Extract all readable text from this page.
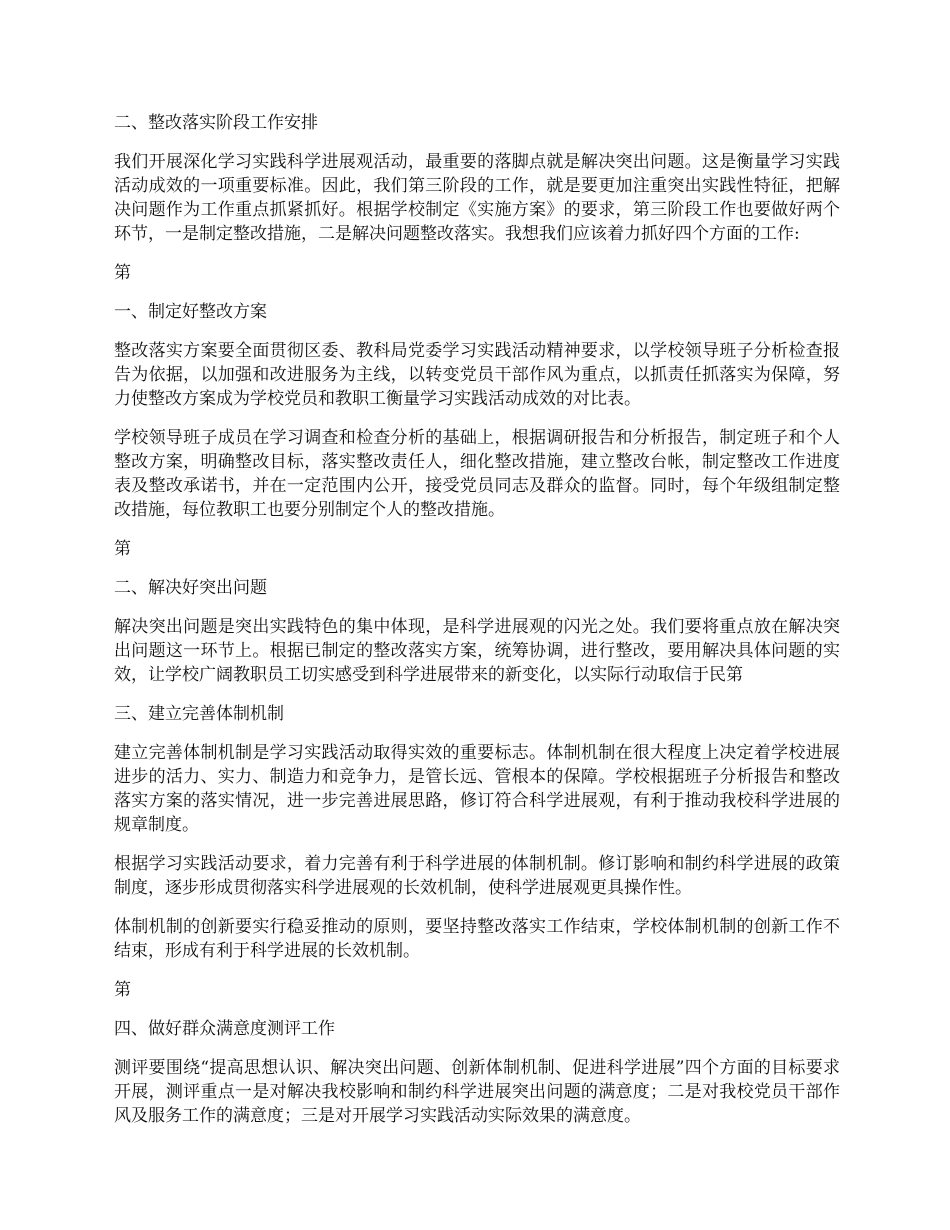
二、整改落实阶段工作安排

我们开展深化学习实践科学进展观活动，最重要的落脚点就是解决突出问题。这是衡量学习实践活动成效的一项重要标准。因此，我们第三阶段的工作，就是要更加注重突出实践性特征，把解决问题作为工作重点抓紧抓好。根据学校制定《实施方案》的要求，第三阶段工作也要做好两个环节，一是制定整改措施，二是解决问题整改落实。我想我们应该着力抓好四个方面的工作:

第

一、制定好整改方案

整改落实方案要全面贯彻区委、教科局党委学习实践活动精神要求，以学校领导班子分析检查报告为依据，以加强和改进服务为主线，以转变党员干部作风为重点，以抓责任抓落实为保障，努力使整改方案成为学校党员和教职工衡量学习实践活动成效的对比表。

学校领导班子成员在学习调查和检查分析的基础上，根据调研报告和分析报告，制定班子和个人整改方案，明确整改目标，落实整改责任人，细化整改措施，建立整改台帐，制定整改工作进度表及整改承诺书，并在一定范围内公开，接受党员同志及群众的监督。同时，每个年级组制定整改措施，每位教职工也要分别制定个人的整改措施。

第

二、解决好突出问题

解决突出问题是突出实践特色的集中体现，是科学进展观的闪光之处。我们要将重点放在解决突出问题这一环节上。根据已制定的整改落实方案，统筹协调，进行整改，要用解决具体问题的实效，让学校广阔教职员工切实感受到科学进展带来的新变化，以实际行动取信于民第

三、建立完善体制机制

建立完善体制机制是学习实践活动取得实效的重要标志。体制机制在很大程度上决定着学校进展进步的活力、实力、制造力和竞争力，是管长远、管根本的保障。学校根据班子分析报告和整改落实方案的落实情况，进一步完善进展思路，修订符合科学进展观，有利于推动我校科学进展的规章制度。

根据学习实践活动要求，着力完善有利于科学进展的体制机制。修订影响和制约科学进展的政策制度，逐步形成贯彻落实科学进展观的长效机制，使科学进展观更具操作性。

体制机制的创新要实行稳妥推动的原则，要坚持整改落实工作结束，学校体制机制的创新工作不结束，形成有利于科学进展的长效机制。

第

四、做好群众满意度测评工作

测评要围绕“提高思想认识、解决突出问题、创新体制机制、促进科学进展”四个方面的目标要求开展，测评重点一是对解决我校影响和制约科学进展突出问题的满意度；二是对我校党员干部作风及服务工作的满意度；三是对开展学习实践活动实际效果的满意度。
